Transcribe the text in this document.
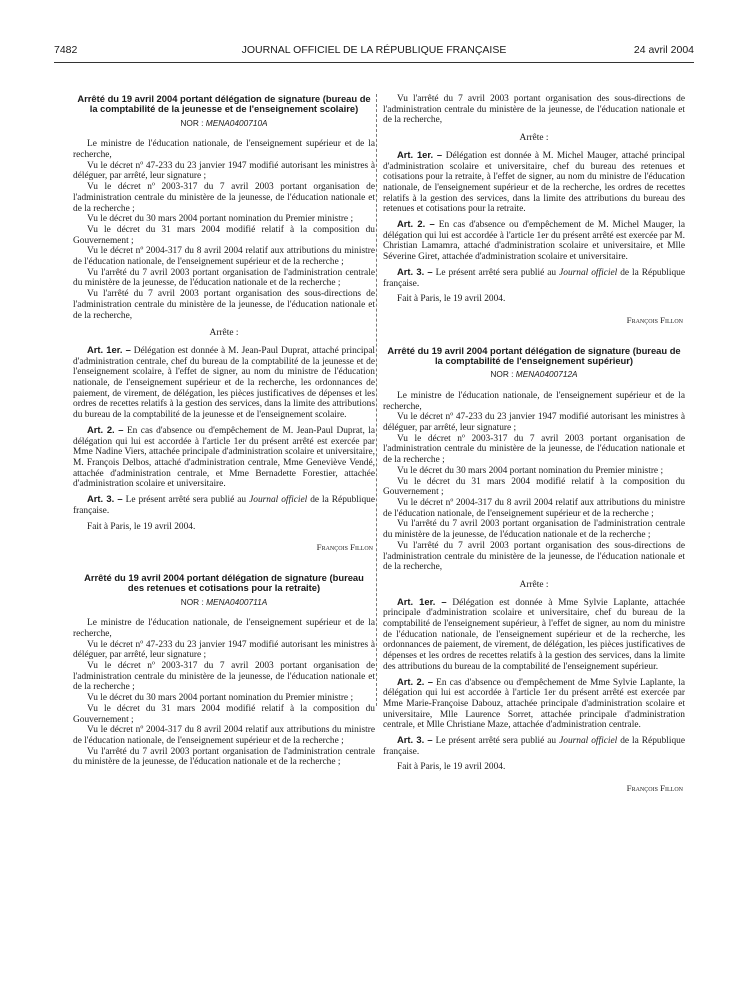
7482	JOURNAL OFFICIEL DE LA RÉPUBLIQUE FRANÇAISE	24 avril 2004
Arrêté du 19 avril 2004 portant délégation de signature (bureau de la comptabilité de la jeunesse et de l'enseignement scolaire)
NOR : MENA0400710A

Le ministre de l'éducation nationale, de l'enseignement supérieur et de la recherche,

Vu le décret nº 47-233 du 23 janvier 1947 modifié autorisant les ministres à déléguer, par arrêté, leur signature ;

Vu le décret nº 2003-317 du 7 avril 2003 portant organisation de l'administration centrale du ministère de la jeunesse, de l'éducation nationale et de la recherche ;

Vu le décret du 30 mars 2004 portant nomination du Premier ministre ;

Vu le décret du 31 mars 2004 modifié relatif à la composition du Gouvernement ;

Vu le décret nº 2004-317 du 8 avril 2004 relatif aux attributions du ministre de l'éducation nationale, de l'enseignement supérieur et de la recherche ;

Vu l'arrêté du 7 avril 2003 portant organisation de l'administration centrale du ministère de la jeunesse, de l'éducation nationale et de la recherche ;

Vu l'arrêté du 7 avril 2003 portant organisation des sous-directions de l'administration centrale du ministère de la jeunesse, de l'éducation nationale et de la recherche,

Arrête :

Art. 1er. – Délégation est donnée à M. Jean-Paul Duprat, attaché principal d'administration centrale, chef du bureau de la comptabilité de la jeunesse et de l'enseignement scolaire, à l'effet de signer, au nom du ministre de l'éducation nationale, de l'enseignement supérieur et de la recherche, les ordonnances de paiement, de virement, de délégation, les pièces justificatives de dépenses et les ordres de recettes relatifs à la gestion des services, dans la limite des attributions du bureau de la comptabilité de la jeunesse et de l'enseignement scolaire.

Art. 2. – En cas d'absence ou d'empêchement de M. Jean-Paul Duprat, la délégation qui lui est accordée à l'article 1er du présent arrêté est exercée par Mme Nadine Viers, attachée principale d'administration scolaire et universitaire, M. François Delbos, attaché d'administration centrale, Mme Geneviève Vendé, attachée d'administration centrale, et Mme Bernadette Forestier, attachée d'administration scolaire et universitaire.

Art. 3. – Le présent arrêté sera publié au Journal officiel de la République française.

Fait à Paris, le 19 avril 2004.

François Fillon

Arrêté du 19 avril 2004 portant délégation de signature (bureau des retenues et cotisations pour la retraite)
NOR : MENA0400711A

Le ministre de l'éducation nationale, de l'enseignement supérieur et de la recherche,

Vu le décret nº 47-233 du 23 janvier 1947 modifié autorisant les ministres à déléguer, par arrêté, leur signature ;

Vu le décret nº 2003-317 du 7 avril 2003 portant organisation de l'administration centrale du ministère de la jeunesse, de l'éducation nationale et de la recherche ;

Vu le décret du 30 mars 2004 portant nomination du Premier ministre ;

Vu le décret du 31 mars 2004 modifié relatif à la composition du Gouvernement ;

Vu le décret nº 2004-317 du 8 avril 2004 relatif aux attributions du ministre de l'éducation nationale, de l'enseignement supérieur et de la recherche ;

Vu l'arrêté du 7 avril 2003 portant organisation de l'administration centrale du ministère de la jeunesse, de l'éducation nationale et de la recherche ;

Vu l'arrêté du 7 avril 2003 portant organisation des sous-directions de l'administration centrale du ministère de la jeunesse, de l'éducation nationale et de la recherche,

Arrête :

Art. 1er. – Délégation est donnée à M. Michel Mauger, attaché principal d'administration scolaire et universitaire, chef du bureau des retenues et cotisations pour la retraite, à l'effet de signer, au nom du ministre de l'éducation nationale, de l'enseignement supérieur et de la recherche, les ordres de recettes relatifs à la gestion des services, dans la limite des attributions du bureau des retenues et cotisations pour la retraite.

Art. 2. – En cas d'absence ou d'empêchement de M. Michel Mauger, la délégation qui lui est accordée à l'article 1er du présent arrêté est exercée par M. Christian Lamamra, attaché d'administration scolaire et universitaire, et Mlle Séverine Giret, attachée d'administration scolaire et universitaire.

Art. 3. – Le présent arrêté sera publié au Journal officiel de la République française.

Fait à Paris, le 19 avril 2004.

François Fillon

Arrêté du 19 avril 2004 portant délégation de signature (bureau de la comptabilité de l'enseignement supérieur)
NOR : MENA0400712A

Le ministre de l'éducation nationale, de l'enseignement supérieur et de la recherche,

Vu le décret nº 47-233 du 23 janvier 1947 modifié autorisant les ministres à déléguer, par arrêté, leur signature ;

Vu le décret nº 2003-317 du 7 avril 2003 portant organisation de l'administration centrale du ministère de la jeunesse, de l'éducation nationale et de la recherche ;

Vu le décret du 30 mars 2004 portant nomination du Premier ministre ;

Vu le décret du 31 mars 2004 modifié relatif à la composition du Gouvernement ;

Vu le décret nº 2004-317 du 8 avril 2004 relatif aux attributions du ministre de l'éducation nationale, de l'enseignement supérieur et de la recherche ;

Vu l'arrêté du 7 avril 2003 portant organisation de l'administration centrale du ministère de la jeunesse, de l'éducation nationale et de la recherche ;

Vu l'arrêté du 7 avril 2003 portant organisation des sous-directions de l'administration centrale du ministère de la jeunesse, de l'éducation nationale et de la recherche,

Arrête :

Art. 1er. – Délégation est donnée à Mme Sylvie Laplante, attachée principale d'administration scolaire et universitaire, chef du bureau de la comptabilité de l'enseignement supérieur, à l'effet de signer, au nom du ministre de l'éducation nationale, de l'enseignement supérieur et de la recherche, les ordonnances de paiement, de virement, de délégation, les pièces justificatives de dépenses et les ordres de recettes relatifs à la gestion des services, dans la limite des attributions du bureau de la comptabilité de l'enseignement supérieur.

Art. 2. – En cas d'absence ou d'empêchement de Mme Sylvie Laplante, la délégation qui lui est accordée à l'article 1er du présent arrêté est exercée par Mme Marie-Françoise Dabouz, attachée principale d'administration scolaire et universitaire, Mlle Laurence Sorret, attachée principale d'administration centrale, et Mlle Christiane Maze, attachée d'administration centrale.

Art. 3. – Le présent arrêté sera publié au Journal officiel de la République française.

Fait à Paris, le 19 avril 2004.

François Fillon
